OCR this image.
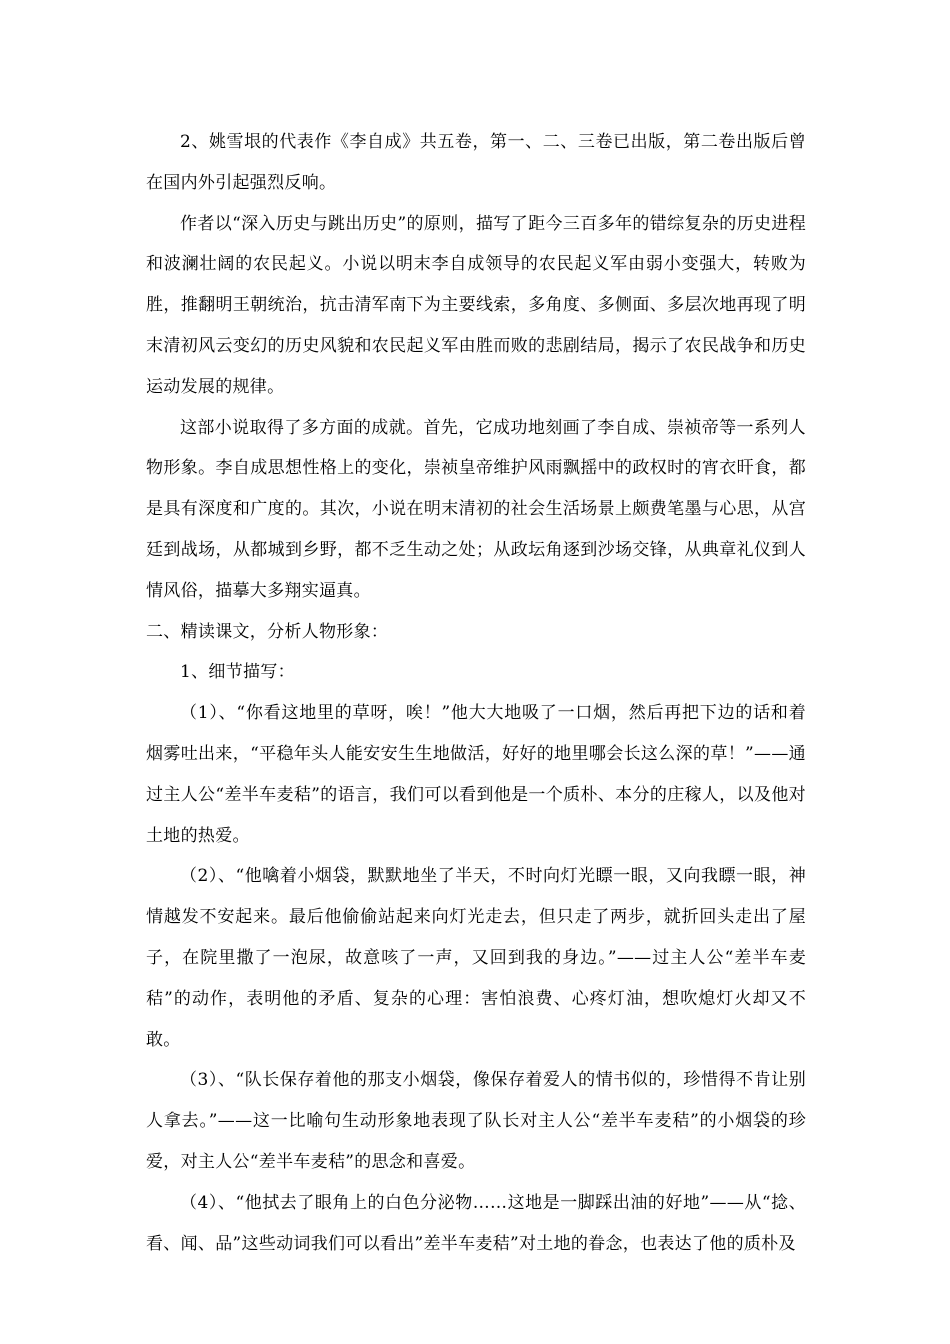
2、姚雪垠的代表作《李自成》共五卷，第一、二、三卷已出版，第二卷出版后曾在国内外引起强烈反响。

作者以“深入历史与跳出历史”的原则，描写了距今三百多年的错综复杂的历史进程和波澜壮阔的农民起义。小说以明末李自成领导的农民起义军由弱小变强大，转败为胜，推翻明王朝统治，抗击清军南下为主要线索，多角度、多侧面、多层次地再现了明末清初风云变幻的历史风貌和农民起义军由胜而败的悲剧结局，揭示了农民战争和历史运动发展的规律。

这部小说取得了多方面的成就。首先，它成功地刻画了李自成、崇祯帝等一系列人物形象。李自成思想性格上的变化，崇祯皇帝维护风雨飘摇中的政权时的宵衣旰食，都是具有深度和广度的。其次，小说在明末清初的社会生活场景上颇费笔墨与心思，从宫廷到战场，从都城到乡野，都不乏生动之处；从政坛角逐到沙场交锋，从典章礼仪到人情风俗，描摹大多翔实逼真。

二、精读课文，分析人物形象：

1、细节描写：

（1）、“你看这地里的草呀，唉！”他大大地吸了一口烟，然后再把下边的话和着烟雾吐出来，“平稳年头人能安安生生地做活，好好的地里哪会长这么深的草！”——通过主人公“差半车麦秸”的语言，我们可以看到他是一个质朴、本分的庄稼人，以及他对土地的热爱。

（2）、“他噙着小烟袋，默默地坐了半天，不时向灯光瞟一眼，又向我瞟一眼，神情越发不安起来。最后他偷偷站起来向灯光走去，但只走了两步，就折回头走出了屋子，在院里撒了一泡尿，故意咳了一声，又回到我的身边。”——过主人公“差半车麦秸”的动作，表明他的矛盾、复杂的心理：害怕浪费、心疼灯油，想吹熄灯火却又不敢。

（3）、“队长保存着他的那支小烟袋，像保存着爱人的情书似的，珍惜得不肯让别人拿去。”——这一比喻句生动形象地表现了队长对主人公“差半车麦秸”的小烟袋的珍爱，对主人公“差半车麦秸”的思念和喜爱。

（4）、“他拭去了眼角上的白色分泌物……这地是一脚踩出油的好地”——从“捻、看、闻、品”这些动词我们可以看出”差半车麦秸”对土地的眷念，也表达了他的质朴及
